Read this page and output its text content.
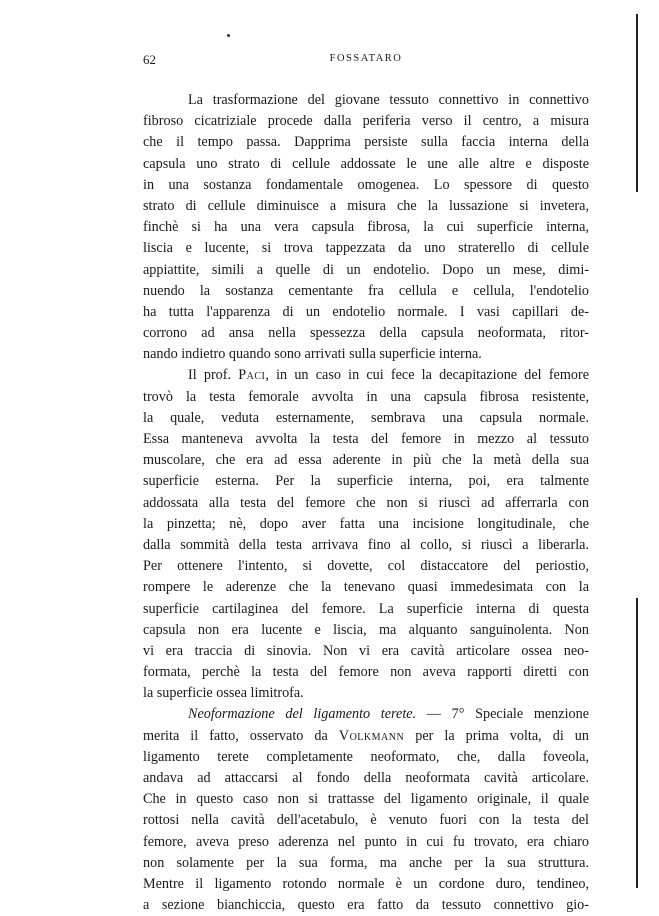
62	FOSSATARO
La trasformazione del giovane tessuto connettivo in connettivo
fibroso cicatriziale procede dalla periferia verso il centro, a misura
che il tempo passa. Dapprima persiste sulla faccia interna della
capsula uno strato di cellule addossate le une alle altre e disposte
in una sostanza fondamentale omogenea. Lo spessore di questo
strato di cellule diminuisce a misura che la lussazione si invetera,
finchè si ha una vera capsula fibrosa, la cui superficie interna,
liscia e lucente, si trova tappezzata da uno straterello di cellule
appiattite, simili a quelle di un endotelio. Dopo un mese, dimi-
nuendo la sostanza cementante fra cellula e cellula, l'endotelio
ha tutta l'apparenza di un endotelio normale. I vasi capillari de-
corrono ad ansa nella spessezza della capsula neoformata, ritor-
nando indietro quando sono arrivati sulla superficie interna.
Il prof. Paci, in un caso in cui fece la decapitazione del femore
trovò la testa femorale avvolta in una capsula fibrosa resistente,
la quale, veduta esternamente, sembrava una capsula normale.
Essa manteneva avvolta la testa del femore in mezzo al tessuto
muscolare, che era ad essa aderente in più che la metà della sua
superficie esterna. Per la superficie interna, poi, era talmente
addossata alla testa del femore che non si riuscì ad afferrarla con
la pinzetta; nè, dopo aver fatta una incisione longitudinale, che
dalla sommità della testa arrivava fino al collo, si riuscì a liberarla.
Per ottenere l'intento, si dovette, col distaccatore del periostio,
rompere le aderenze che la tenevano quasi immedesimata con la
superficie cartilaginea del femore. La superficie interna di questa
capsula non era lucente e liscia, ma alquanto sanguinolenta. Non
vi era traccia di sinovia. Non vi era cavità articolare ossea neo-
formata, perchè la testa del femore non aveva rapporti diretti con
la superficie ossea limitrofa.
Neoformazione del ligamento terete. — 7° Speciale menzione
merita il fatto, osservato da Volkmann per la prima volta, di un
ligamento terete completamente neoformato, che, dalla foveola,
andava ad attaccarsi al fondo della neoformata cavità articolare.
Che in questo caso non si trattasse del ligamento originale, il quale
rottosi nella cavità dell'acetabulo, è venuto fuori con la testa del
femore, aveva preso aderenza nel punto in cui fu trovato, era chiaro
non solamente per la sua forma, ma anche per la sua struttura.
Mentre il ligamento rotondo normale è un cordone duro, tendineo,
a sezione bianchiccia, questo era fatto da tessuto connettivo gio-
